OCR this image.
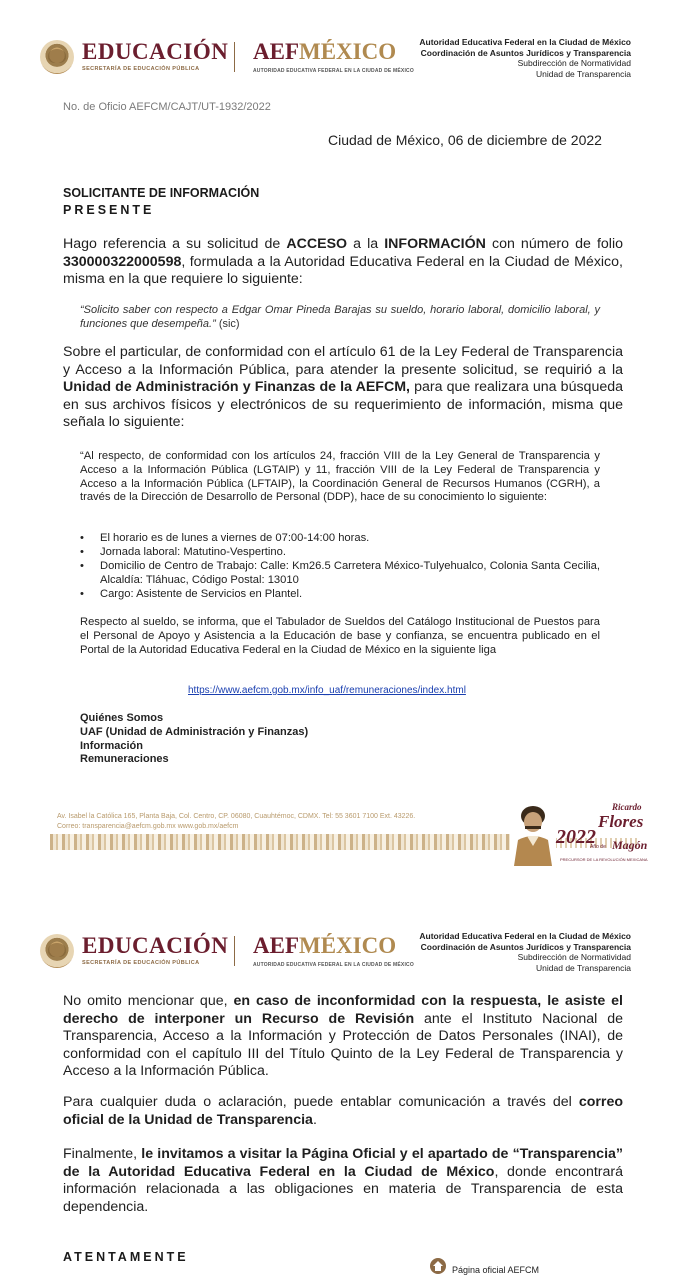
EDUCACIÓN
SECRETARÍA DE EDUCACIÓN PÚBLICA
AEFMÉXICO
AUTORIDAD EDUCATIVA FEDERAL EN LA CIUDAD DE MÉXICO
Autoridad Educativa Federal en la Ciudad de México
Coordinación de Asuntos Jurídicos y Transparencia
Subdirección de Normatividad
Unidad de Transparencia
No. de Oficio AEFCM/CAJT/UT-1932/2022
Ciudad de México, 06 de diciembre de 2022
SOLICITANTE DE INFORMACIÓN
PRESENTE
Hago referencia a su solicitud de ACCESO a la INFORMACIÓN con número de folio 330000322000598, formulada a la Autoridad Educativa Federal en la Ciudad de México, misma en la que requiere lo siguiente:
“Solicito saber con respecto a Edgar Omar Pineda Barajas su sueldo, horario laboral, domicilio laboral, y funciones que desempeña.” (sic)
Sobre el particular, de conformidad con el artículo 61 de la Ley Federal de Transparencia y Acceso a la Información Pública, para atender la presente solicitud, se requirió a la Unidad de Administración y Finanzas de la AEFCM, para que realizara una búsqueda en sus archivos físicos y electrónicos de su requerimiento de información, misma que señala lo siguiente:
“Al respecto, de conformidad con los artículos 24, fracción VIII de la Ley General de Transparencia y Acceso a la Información Pública (LGTAIP) y 11, fracción VIII de la Ley Federal de Transparencia y Acceso a la Información Pública (LFTAIP), la Coordinación General de Recursos Humanos (CGRH), a través de la Dirección de Desarrollo de Personal (DDP), hace de su conocimiento lo siguiente:
• El horario es de lunes a viernes de 07:00-14:00 horas.
• Jornada laboral: Matutino-Vespertino.
• Domicilio de Centro de Trabajo: Calle: Km26.5 Carretera México-Tulyehualco, Colonia Santa Cecilia, Alcaldía: Tláhuac, Código Postal: 13010
• Cargo: Asistente de Servicios en Plantel.
Respecto al sueldo, se informa, que el Tabulador de Sueldos del Catálogo Institucional de Puestos para el Personal de Apoyo y Asistencia a la Educación de base y confianza, se encuentra publicado en el Portal de la Autoridad Educativa Federal en la Ciudad de México en la siguiente liga
https://www.aefcm.gob.mx/info_uaf/remuneraciones/index.html
Quiénes Somos
UAF (Unidad de Administración y Finanzas)
Información
Remuneraciones
Av. Isabel la Católica 165, Planta Baja, Col. Centro, CP. 06080, Cuauhtémoc, CDMX. Tel: 55 3601 7100 Ext. 43226.
Correo: transparencia@aefcm.gob.mx www.gob.mx/aefcm	2022
Año de
Ricardo
Flores
Magón
PRECURSOR DE LA REVOLUCIÓN MEXICANA
EDUCACIÓN
SECRETARÍA DE EDUCACIÓN PÚBLICA
AEFMÉXICO
AUTORIDAD EDUCATIVA FEDERAL EN LA CIUDAD DE MÉXICO
Autoridad Educativa Federal en la Ciudad de México
Coordinación de Asuntos Jurídicos y Transparencia
Subdirección de Normatividad
Unidad de Transparencia
No omito mencionar que, en caso de inconformidad con la respuesta, le asiste el derecho de interponer un Recurso de Revisión ante el Instituto Nacional de Transparencia, Acceso a la Información y Protección de Datos Personales (INAI), de conformidad con el capítulo III del Título Quinto de la Ley Federal de Transparencia y Acceso a la Información Pública.
Para cualquier duda o aclaración, puede entablar comunicación a través del correo oficial de la Unidad de Transparencia.
Finalmente, le invitamos a visitar la Página Oficial y el apartado de “Transparencia” de la Autoridad Educativa Federal en la Ciudad de México, donde encontrará información relacionada a las obligaciones en materia de Transparencia de esta dependencia.
ATENTAMENTE
Página oficial AEFCM
